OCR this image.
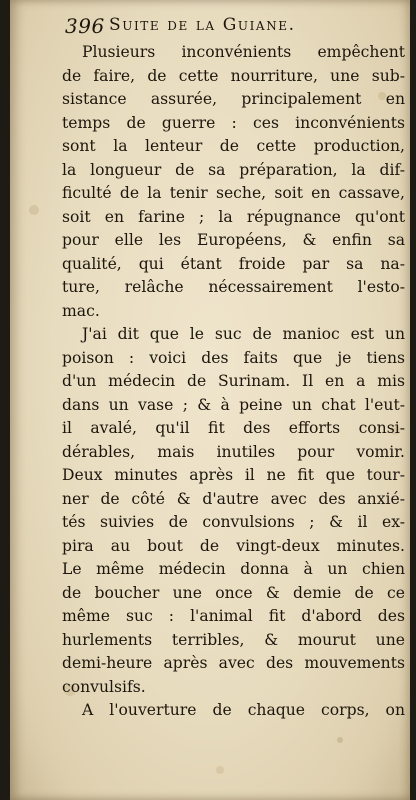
396 Suite de la Guiane.
Plusieurs inconvénients empêchent
de faire, de cette nourriture, une sub-
sistance assurée, principalement en
temps de guerre : ces inconvénients
sont la lenteur de cette production,
la longueur de sa préparation, la dif-
ficulté de la tenir seche, soit en cassave,
soit en farine ; la répugnance qu'ont
pour elle les Européens, & enfin sa
qualité, qui étant froide par sa na-
ture, relâche nécessairement l'esto-
mac.
J'ai dit que le suc de manioc est un
poison : voici des faits que je tiens
d'un médecin de Surinam. Il en a mis
dans un vase ; & à peine un chat l'eut-
il avalé, qu'il fit des efforts consi-
dérables, mais inutiles pour vomir.
Deux minutes après il ne fit que tour-
ner de côté & d'autre avec des anxié-
tés suivies de convulsions ; & il ex-
pira au bout de vingt-deux minutes.
Le même médecin donna à un chien
de boucher une once & demie de ce
même suc : l'animal fit d'abord des
hurlements terribles, & mourut une
demi-heure après avec des mouvements
convulsifs.
A l'ouverture de chaque corps, on
